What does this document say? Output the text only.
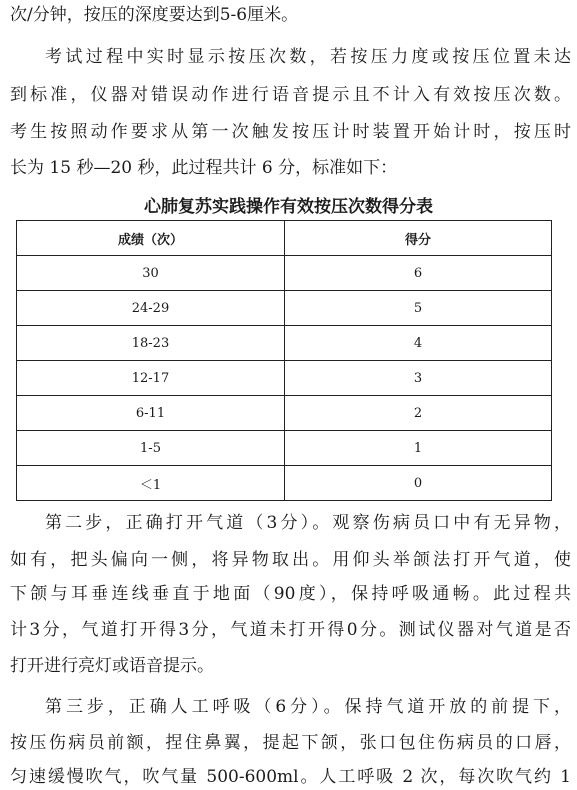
次/分钟，按压的深度要达到5-6厘米。
考试过程中实时显示按压次数，若按压力度或按压位置未达
到标准，仪器对错误动作进行语音提示且不计入有效按压次数。
考生按照动作要求从第一次触发按压计时装置开始计时，按压时
长为 15 秒—20 秒，此过程共计 6 分，标准如下：
心肺复苏实践操作有效按压次数得分表
成绩（次）	得分
30	6
24-29	5
18-23	4
12-17	3
6-11	2
1-5	1
＜1	0
第二步，正确打开气道（3分）。观察伤病员口中有无异物，
如有，把头偏向一侧，将异物取出。用仰头举颌法打开气道，使
下颌与耳垂连线垂直于地面（90度），保持呼吸通畅。此过程共
计3分，气道打开得3分，气道未打开得0分。测试仪器对气道是否
打开进行亮灯或语音提示。
第三步，正确人工呼吸（6分）。保持气道开放的前提下，
按压伤病员前额，捏住鼻翼，提起下颌，张口包住伤病员的口唇，
匀速缓慢吹气，吹气量 500-600ml。人工呼吸 2 次，每次吹气约 1
